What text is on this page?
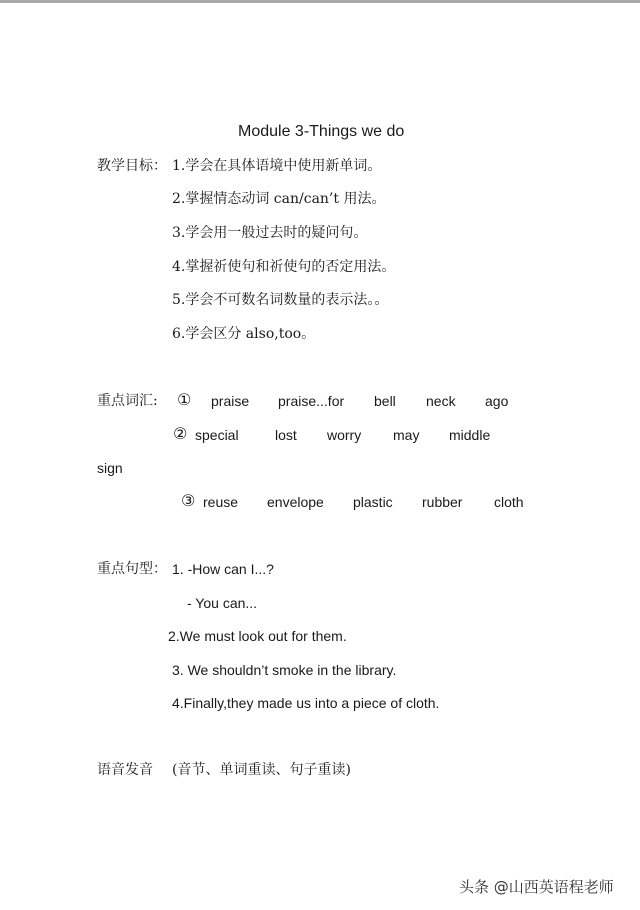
Module 3-Things we do
教学目标： 1.学会在具体语境中使用新单词。
2.掌握情态动词 can/can’t 用法。
3.学会用一般过去时的疑问句。
4.掌握祈使句和祈使句的否定用法。
5.学会不可数名词数量的表示法。。
6.学会区分 also,too。
重点词汇: ① praise praise...for bell neck ago
② special	lost worry may middle
sign
③ reuse envelope plastic rubber cloth
重点句型： 1. -How can I...?
- You can...
2.We must look out for them.
3. We shouldn’t smoke in the library.
4.Finally,they made us into a piece of cloth.
语音发音 (音节、单词重读、句子重读)
头条 @山西英语程老师
